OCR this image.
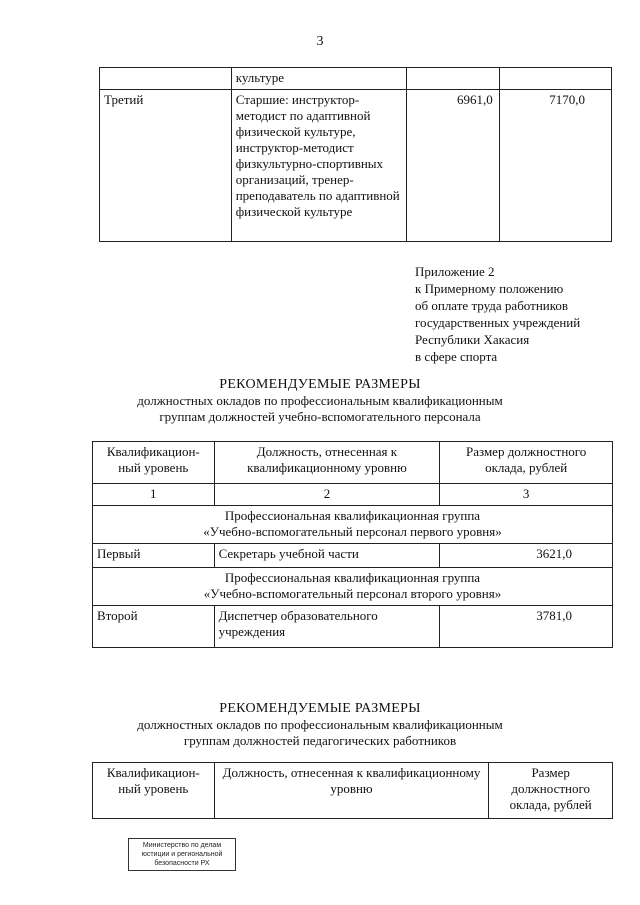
3
	культуре		
Третий	Старшие: инструктор-методист по адаптивной физической культуре, инструктор-методист физкультурно-спортивных организаций, тренер-преподаватель по адаптивной физической культуре	6961,0	7170,0
Приложение 2
к Примерному положению
об оплате труда работников
государственных учреждений
Республики Хакасия
в сфере спорта
РЕКОМЕНДУЕМЫЕ РАЗМЕРЫ
должностных окладов по профессиональным квалификационным
группам должностей учебно-вспомогательного персонала
Квалификацион-ный уровень	Должность, отнесенная к квалификационному уровню	Размер должностного оклада, рублей
1	2	3

Профессиональная квалификационная группа
«Учебно-вспомогательный персонал первого уровня»		

Первый	Секретарь учебной части	3621,0

Профессиональная квалификационная группа
«Учебно-вспомогательный персонал второго уровня»		

Второй	Диспетчер образовательного учреждения	3781,0
РЕКОМЕНДУЕМЫЕ РАЗМЕРЫ
должностных окладов по профессиональным квалификационным
группам должностей педагогических работников
Квалификацион-ный уровень	Должность, отнесенная к квалификационному уровню	Размер должностного оклада, рублей
Министерство по делам юстиции и региональной безопасности РХ
